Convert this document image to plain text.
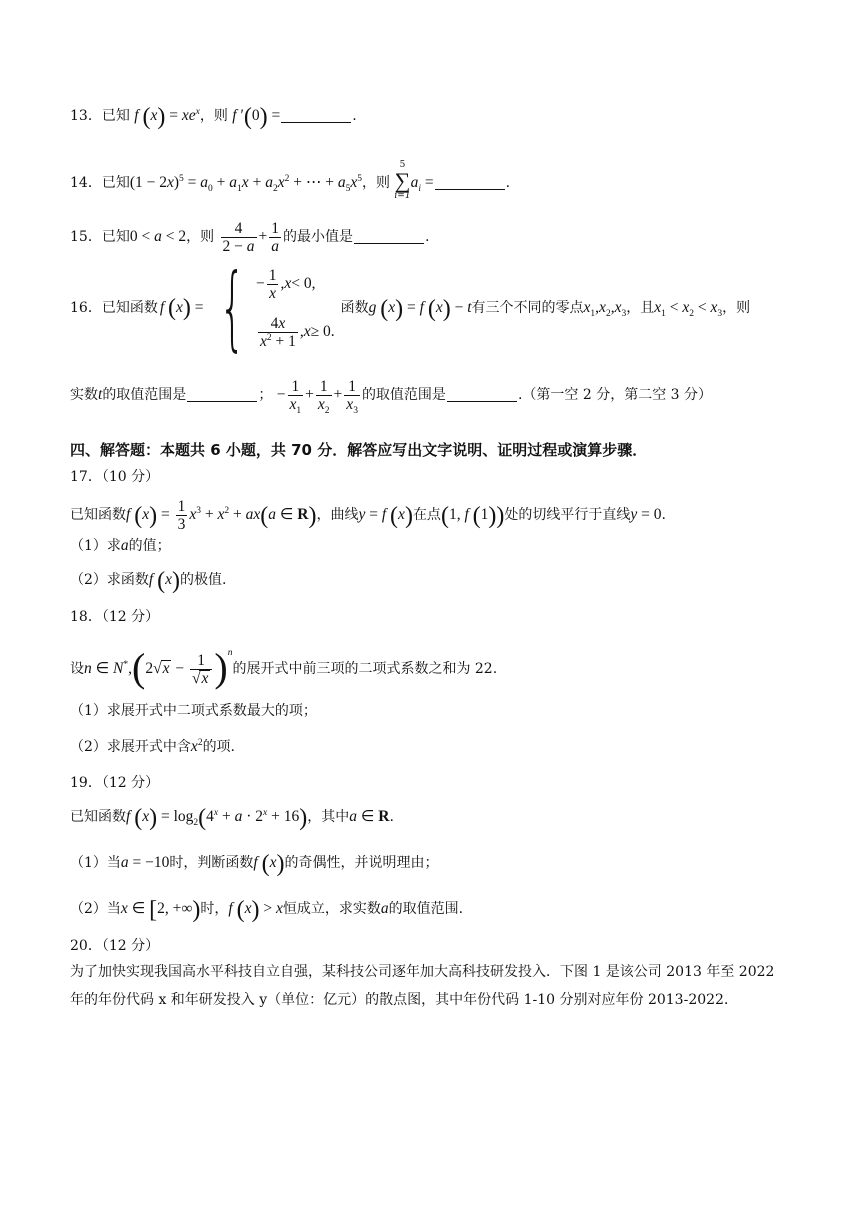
13．已知 f $(x) = xe^x$，则 f ′(0) =	.
14．已知$(1 - 2x)^5 = a_0 + a_1x + a_2x^2$ + ⋯ + $a_5x^5$，则
5
∑
i=1
$a_i$ =	.
15．已知0 < a < 2，则 $\frac{4}{2 - a} + \frac{1}{a}$ 的最小值是	.
16． 已知函数 f
( x ) = { − $\frac{1}{x}$ , x < 0,
$\frac{4x}{x^2 + 1}$ , x ≥ 0.
函数 g (x) = f (x) − t 有三个不同的零点 $x_1,x_2,x_3$ ，且 $x_1 < x_2 < x_3$ ，则
实数t的取值范围是	； − $\frac{1}{x_1} + \frac{1}{x_2} + \frac{1}{x_3}$ 的取值范围是	.（第一空 2 分，第二空 3 分）
四、解答题：本题共 6 小题，共 70 分．解答应写出文字说明、证明过程或演算步骤．
17．（10 分）
已知函数f $(x) = \frac{1}{3} x^3 + x^2 + ax(a$ ∈ R)，曲线y = f (x)在点(1, f (1))处的切线平行于直线y = 0.
（1）求a的值；
（2）求函数f (x)的极值.
18．（12 分）
设n ∈ $N^*,(2√x - \frac{1}{√x} )^n$的展开式中前三项的二项式系数之和为 22.
（1）求展开式中二项式系数最大的项；
（2）求展开式中含$x^2$的项.
19．（12 分）
已知函数f $(x) = \log_2(4^x + a \cdot 2^x + 16)$，其中a ∈ R.
（1）当a = −10时，判断函数f (x)的奇偶性，并说明理由；
（2）当x ∈ [2, +∞)时，f (x) > x恒成立，求实数a的取值范围.
20．（12 分）
为了加快实现我国高水平科技自立自强，某科技公司逐年加大高科技研发投入．下图 1 是该公司 2013 年至 2022
年的年份代码 x 和年研发投入 y（单位：亿元）的散点图，其中年份代码 1-10 分别对应年份 2013-2022．
